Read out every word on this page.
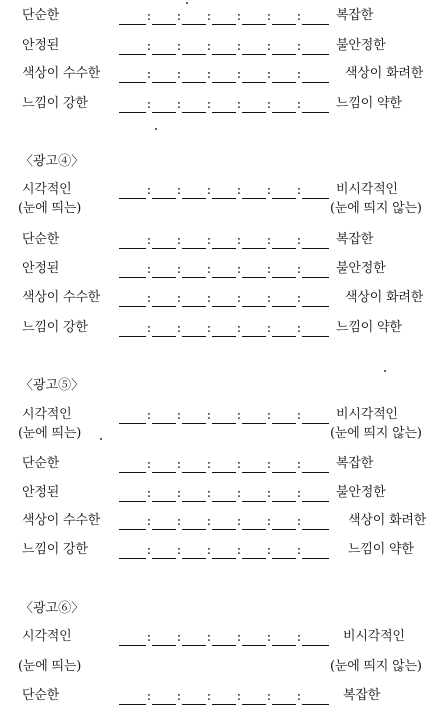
단순한	: : : : : :	복잡한
안정된	: : : : : :	불안정한
색상이 수수한	: : : : : :	색상이 화려한
느낌이 강한	: : : : : :	느낌이 약한
〈광고④〉
시각적인	: : : : : :	비시각적인
(눈에 띄는)	(눈에 띄지 않는)
단순한	: : : : : :	복잡한
안정된	: : : : : :	불안정한
색상이 수수한	: : : : : :	색상이 화려한
느낌이 강한	: : : : : :	느낌이 약한
〈광고⑤〉
시각적인	: : : : : :	비시각적인
(눈에 띄는)	(눈에 띄지 않는)
단순한	: : : : : :	복잡한
안정된	: : : : : :	불안정한
색상이 수수한	: : : : : :	색상이 화려한
느낌이 강한	: : : : : :	느낌이 약한
〈광고⑥〉
시각적인	: : : : : :	비시각적인
(눈에 띄는)	(눈에 띄지 않는)
단순한	: : : : : :	복잡한
